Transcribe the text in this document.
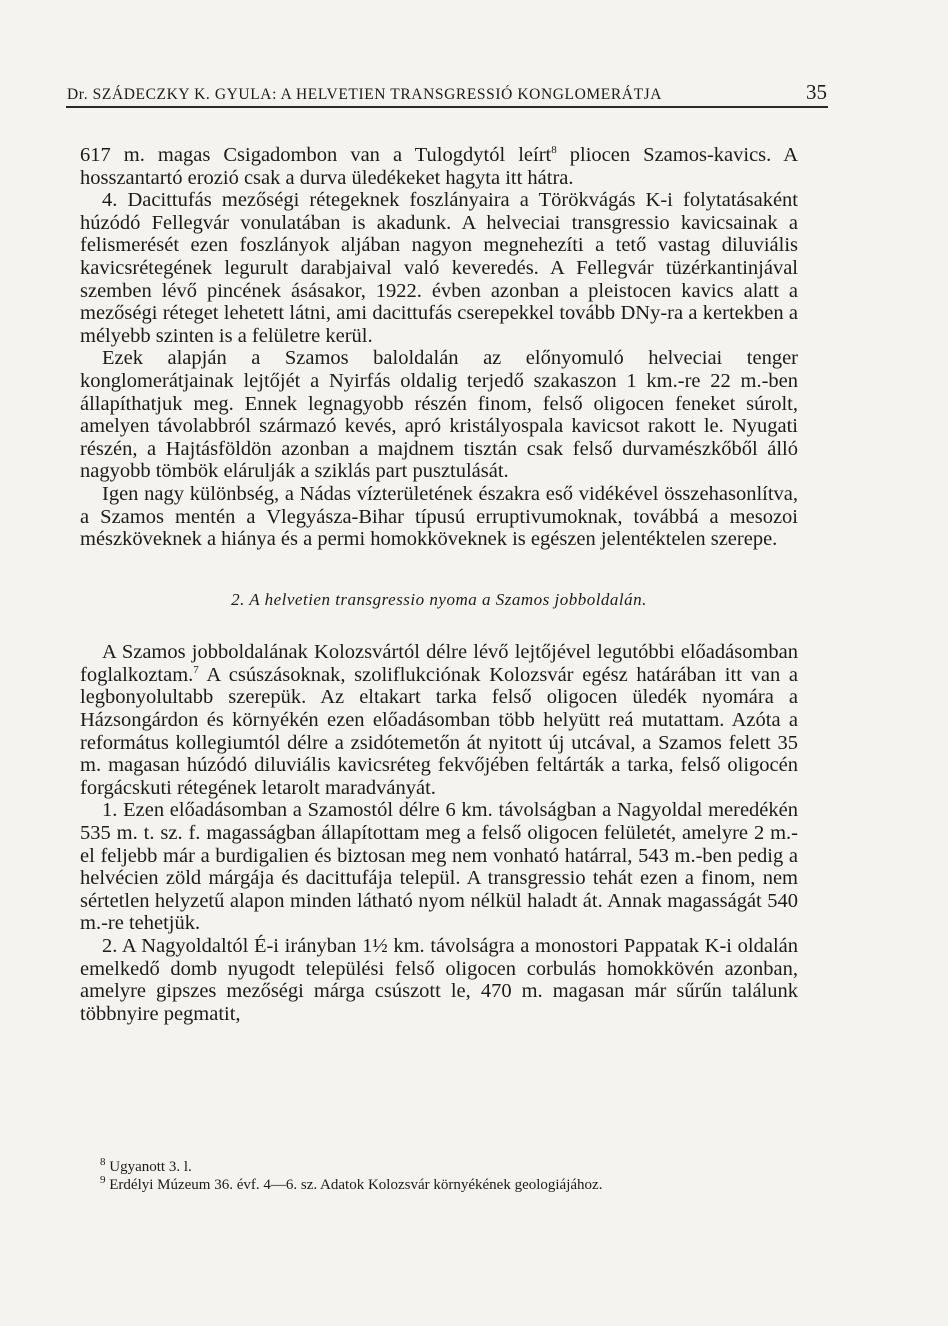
Dr. SZÁDECZKY K. GYULA: A HELVETIEN TRANSGRESSIÓ KONGLOMERÁTJA	35

617 m. magas Csigadombon van a Tulogdytól leírt$^8$ pliocen Szamos-kavics. A hosszantartó erozió csak a durva üledékeket hagyta itt hátra.

4. Dacittufás mezőségi rétegeknek foszlányaira a Törökvágás K-i folytatásaként húzódó Fellegvár vonulatában is akadunk. A helveciai transgressio kavicsainak a felismerését ezen foszlányok aljában nagyon megnehezíti a tető vastag diluviális kavicsrétegének legurult darabjaival való keveredés. A Fellegvár tüzérkantinjával szemben lévő pincének ásásakor, 1922. évben azonban a pleistocen kavics alatt a mezőségi réteget lehetett látni, ami dacittufás cserepekkel tovább DNy-ra a kertekben a mélyebb szinten is a felületre kerül.

Ezek alapján a Szamos baloldalán az előnyomuló helveciai tenger konglomerátjainak lejtőjét a Nyirfás oldalig terjedő szakaszon 1 km.-re 22 m.-ben állapíthatjuk meg. Ennek legnagyobb részén finom, felső oligocen feneket súrolt, amelyen távolabbról származó kevés, apró kristályospala kavicsot rakott le. Nyugati részén, a Hajtásföldön azonban a majdnem tisztán csak felső durvamészkőből álló nagyobb tömbök elárulják a sziklás part pusztulását.

Igen nagy különbség, a Nádas vízterületének északra eső vidékével összehasonlítva, a Szamos mentén a Vlegyásza-Bihar típusú erruptivumoknak, továbbá a mesozoi mészköveknek a hiánya és a permi homokköveknek is egészen jelentéktelen szerepe.

2. A helvetien transgressio nyoma a Szamos jobboldalán.

A Szamos jobboldalának Kolozsvártól délre lévő lejtőjével legutóbbi előadásomban foglalkoztam.$^7$ A csúszásoknak, szoliflukciónak Kolozsvár egész határában itt van a legbonyolultabb szerepük. Az eltakart tarka felső oligocen üledék nyomára a Házsongárdon és környékén ezen előadásomban több helyütt reá mutattam. Azóta a református kollegiumtól délre a zsidótemetőn át nyitott új utcával, a Szamos felett 35 m. magasan húzódó diluviális kavicsréteg fekvőjében feltárták a tarka, felső oligocén forgácskuti rétegének letarolt maradványát.

1. Ezen előadásomban a Szamostól délre 6 km. távolságban a Nagyoldal meredékén 535 m. t. sz. f. magasságban állapítottam meg a felső oligocen felületét, amelyre 2 m.-el feljebb már a burdigalien és biztosan meg nem vonható határral, 543 m.-ben pedig a helvécien zöld márgája és dacittufája települ. A transgressio tehát ezen a finom, nem sértetlen helyzetű alapon minden látható nyom nélkül haladt át. Annak magasságát 540 m.-re tehetjük.

2. A Nagyoldaltól É-i irányban 1½ km. távolságra a monostori Pappatak K-i oldalán emelkedő domb nyugodt települési felső oligocen corbulás homokkövén azonban, amelyre gipszes mezőségi márga csúszott le, 470 m. magasan már sűrűn találunk többnyire pegmatit,

$^8$ Ugyanott 3. l.

$^9$ Erdélyi Múzeum 36. évf. 4—6. sz. Adatok Kolozsvár környékének geologiájához.
